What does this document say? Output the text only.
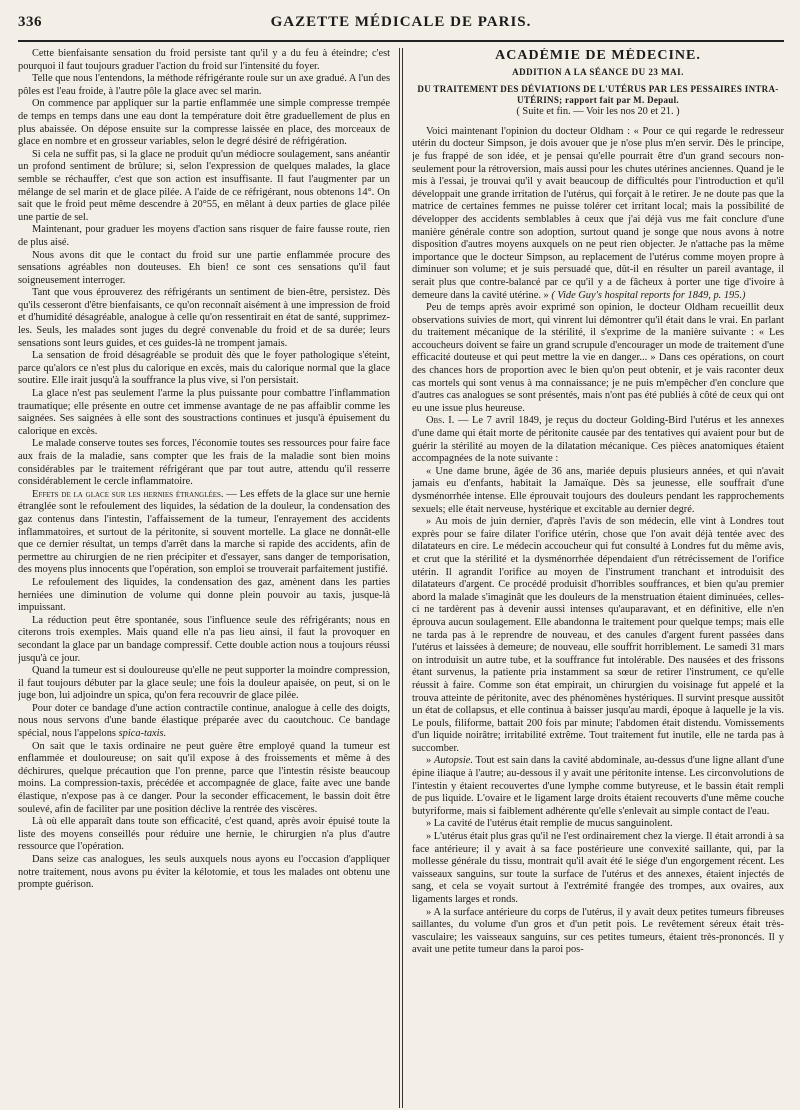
336	GAZETTE MÉDICALE DE PARIS.

Cette bienfaisante sensation du froid persiste tant qu'il y a du feu à éteindre; c'est pourquoi il faut toujours graduer l'action du froid sur l'intensité du foyer.

Telle que nous l'entendons, la méthode réfrigérante roule sur un axe gradué. A l'un des pôles est l'eau froide, à l'autre pôle la glace avec sel marin.

On commence par appliquer sur la partie enflammée une simple compresse trempée de temps en temps dans une eau dont la température doit être graduellement de plus en plus abaissée. On dépose ensuite sur la compresse laissée en place, des morceaux de glace en nombre et en grosseur variables, selon le degré désiré de réfrigération.

Si cela ne suffit pas, si la glace ne produit qu'un médiocre soulagement, sans anéantir un profond sentiment de brûlure; si, selon l'expression de quelques malades, la glace semble se réchauffer, c'est que son action est insuffisante. Il faut l'augmenter par un mélange de sel marin et de glace pilée. A l'aide de ce réfrigérant, nous obtenons 14°. On sait que le froid peut même descendre à 20°55, en mêlant à deux parties de glace pilée une partie de sel.

Maintenant, pour graduer les moyens d'action sans risquer de faire fausse route, rien de plus aisé.

Nous avons dit que le contact du froid sur une partie enflammée procure des sensations agréables non douteuses. Eh bien! ce sont ces sensations qu'il faut soigneusement interroger.

Tant que vous éprouverez des réfrigérants un sentiment de bien-être, persistez. Dès qu'ils cesseront d'être bienfaisants, ce qu'on reconnaît aisément à une impression de froid et d'humidité désagréable, analogue à celle qu'on ressentirait en état de santé, supprimez-les. Seuls, les malades sont juges du degré convenable du froid et de sa durée; leurs sensations sont leurs guides, et ces guides-là ne trompent jamais.

La sensation de froid désagréable se produit dès que le foyer pathologique s'éteint, parce qu'alors ce n'est plus du calorique en excès, mais du calorique normal que la glace soutire. Elle irait jusqu'à la souffrance la plus vive, si l'on persistait.

La glace n'est pas seulement l'arme la plus puissante pour combattre l'inflammation traumatique; elle présente en outre cet immense avantage de ne pas affaiblir comme les saignées. Ses saignées à elle sont des soustractions continues et jusqu'à épuisement du calorique en excès.

Le malade conserve toutes ses forces, l'économie toutes ses ressources pour faire face aux frais de la maladie, sans compter que les frais de la maladie sont bien moins considérables par le traitement réfrigérant que par tout autre, attendu qu'il resserre considérablement le cercle inflammatoire.

Effets de la glace sur les hernies étranglées. — Les effets de la glace sur une hernie étranglée sont le refoulement des liquides, la sédation de la douleur, la condensation des gaz contenus dans l'intestin, l'affaissement de la tumeur, l'enrayement des accidents inflammatoires, et surtout de la péritonite, si souvent mortelle. La glace ne donnât-elle que ce dernier résultat, un temps d'arrêt dans la marche si rapide des accidents, afin de permettre au chirurgien de ne rien précipiter et d'essayer, sans danger de temporisation, des moyens plus innocents que l'opération, son emploi se trouverait parfaitement justifié.

Le refoulement des liquides, la condensation des gaz, amènent dans les parties herniées une diminution de volume qui donne plein pouvoir au taxis, jusque-là impuissant.

La réduction peut être spontanée, sous l'influence seule des réfrigérants; nous en citerons trois exemples. Mais quand elle n'a pas lieu ainsi, il faut la provoquer en secondant la glace par un bandage compressif. Cette double action nous a toujours réussi jusqu'à ce jour.

Quand la tumeur est si douloureuse qu'elle ne peut supporter la moindre compression, il faut toujours débuter par la glace seule; une fois la douleur apaisée, on peut, si on le juge bon, lui adjoindre un spica, qu'on fera recouvrir de glace pilée.

Pour doter ce bandage d'une action contractile continue, analogue à celle des doigts, nous nous servons d'une bande élastique préparée avec du caoutchouc. Ce bandage spécial, nous l'appelons spica-taxis.

On sait que le taxis ordinaire ne peut guère être employé quand la tumeur est enflammée et douloureuse; on sait qu'il expose à des froissements et même à des déchirures, quelque précaution que l'on prenne, parce que l'intestin résiste beaucoup moins. La compression-taxis, précédée et accompagnée de glace, faite avec une bande élastique, n'expose pas à ce danger. Pour la seconder efficacement, le bassin doit être soulevé, afin de faciliter par une position déclive la rentrée des viscères.

Là où elle apparaît dans toute son efficacité, c'est quand, après avoir épuisé toute la liste des moyens conseillés pour réduire une hernie, le chirurgien n'a plus d'autre ressource que l'opération.

Dans seize cas analogues, les seuls auxquels nous ayons eu l'occasion d'appliquer notre traitement, nous avons pu éviter la kélotomie, et tous les malades ont obtenu une prompte guérison.

ACADÉMIE DE MÉDECINE.
ADDITION A LA SÉANCE DU 23 MAI.
DU TRAITEMENT DES DÉVIATIONS DE L'UTÉRUS PAR LES PESSAIRES INTRA-UTÉRINS; rapport fait par M. Depaul.
( Suite et fin. — Voir les nos 20 et 21. )

Voici maintenant l'opinion du docteur Oldham : « Pour ce qui regarde le redresseur utérin du docteur Simpson, je dois avouer que je n'ose plus m'en servir. Dès le principe, je fus frappé de son idée, et je pensai qu'elle pourrait être d'un grand secours non-seulement pour la rétroversion, mais aussi pour les chutes utérines anciennes. Quand je le mis à l'essai, je trouvai qu'il y avait beaucoup de difficultés pour l'introduction et qu'il développait une grande irritation de l'utérus, qui forçait à le retirer. Je ne doute pas que la matrice de certaines femmes ne puisse tolérer cet irritant local; mais la possibilité de développer des accidents semblables à ceux que j'ai déjà vus me fait conclure d'une manière générale contre son adoption, surtout quand je songe que nous avons à notre disposition d'autres moyens auxquels on ne peut rien objecter. Je n'attache pas la même importance que le docteur Simpson, au replacement de l'utérus comme moyen propre à diminuer son volume; et je suis persuadé que, dût-il en résulter un pareil avantage, il serait plus que contre-balancé par ce qu'il y a de fâcheux à porter une tige d'ivoire à demeure dans la cavité utérine. » ( Vide Guy's hospital reports for 1849, p. 195.)

Peu de temps après avoir exprimé son opinion, le docteur Oldham recueillit deux observations suivies de mort, qui vinrent lui démontrer qu'il était dans le vrai. En parlant du traitement mécanique de la stérilité, il s'exprime de la manière suivante : « Les accoucheurs doivent se faire un grand scrupule d'encourager un mode de traitement d'une efficacité douteuse et qui peut mettre la vie en danger... » Dans ces opérations, on court des chances hors de proportion avec le bien qu'on peut obtenir, et je vais raconter deux cas mortels qui sont venus à ma connaissance; je ne puis m'empêcher d'en conclure que d'autres cas analogues se sont présentés, mais n'ont pas été publiés à côté de ceux qui ont eu une issue plus heureuse.

Obs. I. — Le 7 avril 1849, je reçus du docteur Golding-Bird l'utérus et les annexes d'une dame qui était morte de péritonite causée par des tentatives qui avaient pour but de guérir la stérilité au moyen de la dilatation mécanique. Ces pièces anatomiques étaient accompagnées de la note suivante :

« Une dame brune, âgée de 36 ans, mariée depuis plusieurs années, et qui n'avait jamais eu d'enfants, habitait la Jamaïque. Dès sa jeunesse, elle souffrait d'une dysménorrhée intense. Elle éprouvait toujours des douleurs pendant les rapprochements sexuels; elle était nerveuse, hystérique et excitable au dernier degré.

» Au mois de juin dernier, d'après l'avis de son médecin, elle vint à Londres tout exprès pour se faire dilater l'orifice utérin, chose que l'on avait déjà tentée avec des dilatateurs en cire. Le médecin accoucheur qui fut consulté à Londres fut du même avis, et crut que la stérilité et la dysménorrhée dépendaient d'un rétrécissement de l'orifice utérin. Il agrandit l'orifice au moyen de l'instrument tranchant et introduisit des dilatateurs d'argent. Ce procédé produisit d'horribles souffrances, et bien qu'au premier abord la malade s'imaginât que les douleurs de la menstruation étaient diminuées, celles-ci ne tardèrent pas à devenir aussi intenses qu'auparavant, et en définitive, elle n'en éprouva aucun soulagement. Elle abandonna le traitement pour quelque temps; mais elle ne tarda pas à le reprendre de nouveau, et des canules d'argent furent passées dans l'utérus et laissées à demeure; de nouveau, elle souffrit horriblement. Le samedi 31 mars on introduisit un autre tube, et la souffrance fut intolérable. Des nausées et des frissons étant survenus, la patiente pria instamment sa sœur de retirer l'instrument, ce qu'elle réussit à faire. Comme son état empirait, un chirurgien du voisinage fut appelé et la trouva atteinte de péritonite, avec des phénomènes hystériques. Il survint presque aussitôt un état de collapsus, et elle continua à baisser jusqu'au mardi, époque à laquelle je la vis. Le pouls, filiforme, battait 200 fois par minute; l'abdomen était distendu. Vomissements d'un liquide noirâtre; irritabilité extrême. Tout traitement fut inutile, elle ne tarda pas à succomber.

» Autopsie. Tout est sain dans la cavité abdominale, au-dessus d'une ligne allant d'une épine iliaque à l'autre; au-dessous il y avait une péritonite intense. Les circonvolutions de l'intestin y étaient recouvertes d'une lymphe comme butyreuse, et le bassin était rempli de pus liquide. L'ovaire et le ligament large droits étaient recouverts d'une même couche butyriforme, mais si faiblement adhérente qu'elle s'enlevait au simple contact de l'eau.

» La cavité de l'utérus était remplie de mucus sanguinolent.

» L'utérus était plus gras qu'il ne l'est ordinairement chez la vierge. Il était arrondi à sa face antérieure; il y avait à sa face postérieure une convexité saillante, qui, par la mollesse générale du tissu, montrait qu'il avait été le siége d'un engorgement récent. Les vaisseaux sanguins, sur toute la surface de l'utérus et des annexes, étaient injectés de sang, et cela se voyait surtout à l'extrémité frangée des trompes, aux ovaires, aux ligaments larges et ronds.

» A la surface antérieure du corps de l'utérus, il y avait deux petites tumeurs fibreuses saillantes, du volume d'un gros et d'un petit pois. Le revêtement séreux était très-vasculaire; les vaisseaux sanguins, sur ces petites tumeurs, étaient très-prononcés. Il y avait une petite tumeur dans la paroi pos-
